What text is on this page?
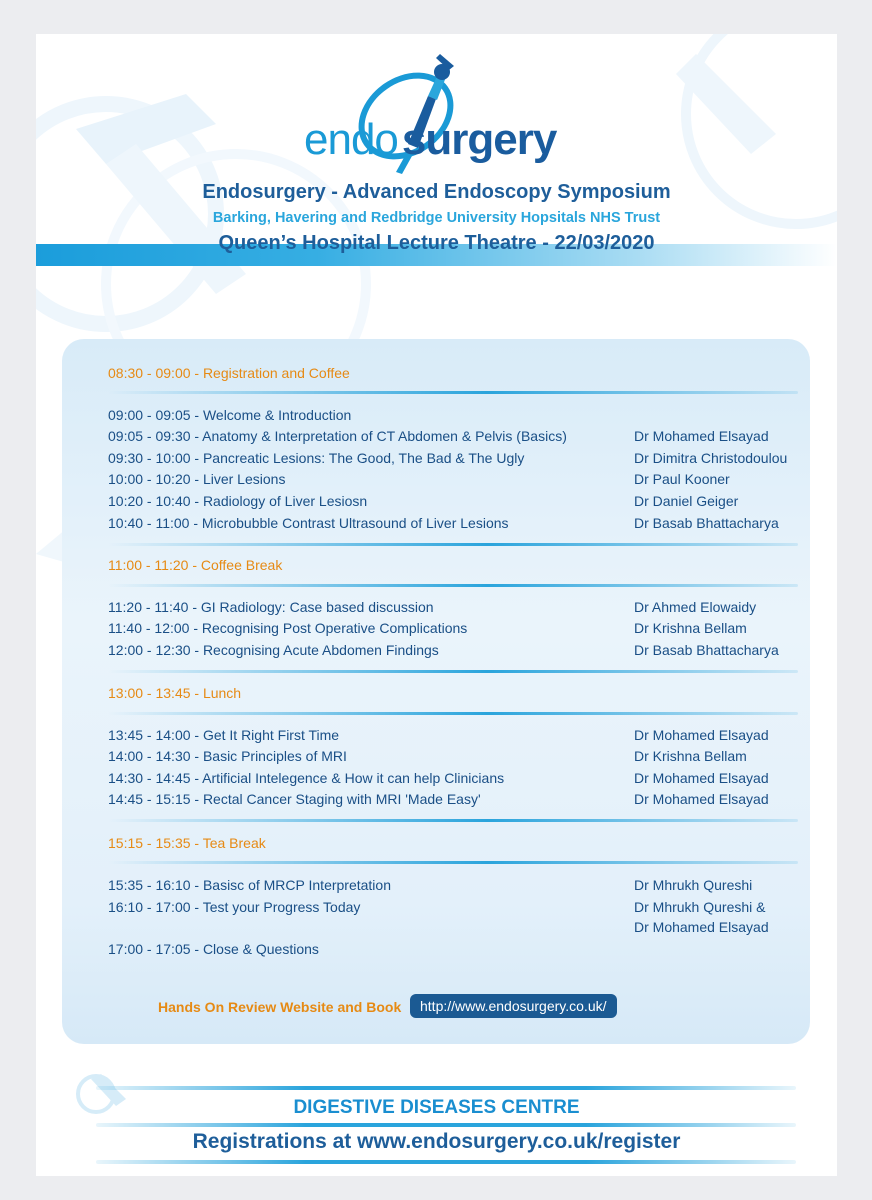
endosurgery
Endosurgery - Advanced Endoscopy Symposium
Barking, Havering and Redbridge University Hopsitals NHS Trust
Queen’s Hospital Lecture Theatre - 22/03/2020
08:30 - 09:00 - Registration and Coffee
09:00 - 09:05 - Welcome & Introduction
09:05 - 09:30 - Anatomy & Interpretation of CT Abdomen & Pelvis (Basics)	Dr Mohamed Elsayad
09:30 - 10:00 - Pancreatic Lesions: The Good, The Bad & The Ugly	Dr Dimitra Christodoulou
10:00 - 10:20 - Liver Lesions	Dr Paul Kooner
10:20 - 10:40 - Radiology of Liver Lesiosn	Dr Daniel Geiger
10:40 - 11:00 - Microbubble Contrast Ultrasound of Liver Lesions	Dr Basab Bhattacharya
11:00 - 11:20 - Coffee Break
11:20 - 11:40 - GI Radiology: Case based discussion	Dr Ahmed Elowaidy
11:40 - 12:00 - Recognising Post Operative Complications	Dr Krishna Bellam
12:00 - 12:30 - Recognising Acute Abdomen Findings	Dr Basab Bhattacharya
13:00 - 13:45 - Lunch
13:45 - 14:00 - Get It Right First Time	Dr Mohamed Elsayad
14:00 - 14:30 - Basic Principles of MRI	Dr Krishna Bellam
14:30 - 14:45 - Artificial Intelegence & How it can help Clinicians	Dr Mohamed Elsayad
14:45 - 15:15 - Rectal Cancer Staging with MRI 'Made Easy'	Dr Mohamed Elsayad
15:15 - 15:35 - Tea Break
15:35 - 16:10 - Basisc of MRCP Interpretation	Dr Mhrukh Qureshi
16:10 - 17:00 - Test your Progress Today	Dr Mhrukh Qureshi &
Dr Mohamed Elsayad
17:00 - 17:05 - Close & Questions
Hands On Review Website and Book	http://www.endosurgery.co.uk/
DIGESTIVE DISEASES CENTRE
Registrations at www.endosurgery.co.uk/register
